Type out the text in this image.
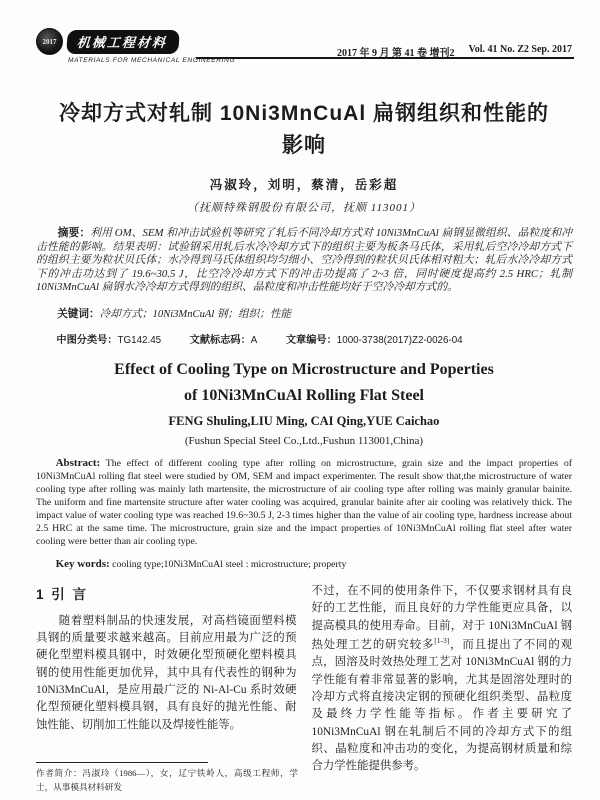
2017	机械工程材料
MATERIALS FOR MECHANICAL ENGINEERING
2017 年 9 月 第 41 卷 增刊2 Vol. 41 No. Z2 Sep. 2017
冷却方式对轧制 10Ni3MnCuAl 扁钢组织和性能的
影响
冯淑玲，刘明，蔡清，岳彩超
（抚顺特殊钢股份有限公司，抚顺 113001）

摘要：利用 OM、SEM 和冲击试验机等研究了轧后不同冷却方式对 10Ni3MnCuAl 扁钢显微组织、晶粒度和冲击性能的影响。结果表明：试验钢采用轧后水冷冷却方式下的组织主要为板条马氏体，采用轧后空冷冷却方式下的组织主要为粒状贝氏体；水冷得到马氏体组织均匀细小、空冷得到的粒状贝氏体相对粗大；轧后水冷冷却方式下的冲击功达到了 19.6~30.5 J，比空冷冷却方式下的冲击功提高了 2~3 倍，同时硬度提高约 2.5 HRC；轧制 10Ni3MnCuAl 扁钢水冷冷却方式得到的组织、晶粒度和冲击性能均好于空冷冷却方式的。

关键词：冷却方式；10Ni3MnCuAl 钢；组织；性能

中图分类号：TG142.45	文献标志码：A	文章编号：1000-3738(2017)Z2-0026-04
Effect of Cooling Type on Microstructure and Poperties
of 10Ni3MnCuAl Rolling Flat Steel
FENG Shuling,LIU Ming, CAI Qing,YUE Caichao
(Fushun Special Steel Co.,Ltd.,Fushun 113001,China)

Abstract: The effect of different cooling type after rolling on microstructure, grain size and the impact properties of 10Ni3MnCuAl rolling flat steel were studied by OM, SEM and impact experimenter. The result show that,the microstructure of water cooling type after rolling was mainly lath martensite, the microstructure of air cooling type after rolling was mainly granular bainite. The uniform and fine martensite structure after water cooling was acquired, granular bainite after air cooling was relatively thick. The impact value of water cooling type was reached 19.6~30.5 J, 2-3 times higher than the value of air cooling type, hardness increase about 2.5 HRC at the same time. The microstructure, grain size and the impact properties of 10Ni3MnCuAl rolling flat steel after water cooling were better than air cooling type.

Key words: cooling type;10Ni3MnCuAl steel : microstructure; property

1 引 言

随着塑料制品的快速发展，对高档镜面塑料模具钢的质量要求越来越高。目前应用最为广泛的预硬化型塑料模具钢中，时效硬化型预硬化塑料模具钢的使用性能更加优异，其中具有代表性的钢种为 10Ni3MnCuAl，是应用最广泛的 Ni-Al-Cu 系时效硬化型预硬化塑料模具钢，具有良好的抛光性能、耐蚀性能、切削加工性能以及焊接性能等。

不过，在不同的使用条件下，不仅要求钢材具有良好的工艺性能，而且良好的力学性能更应具备，以提高模具的使用寿命。目前，对于 10Ni3MnCuAl 钢热处理工艺的研究较多[1-3]，而且提出了不同的观点，固溶及时效热处理工艺对 10Ni3MnCuAl 钢的力学性能有着非常显著的影响，尤其是固溶处理时的冷却方式将直接决定钢的预硬化组织类型、晶粒度及最终力学性能等指标。作者主要研究了 10Ni3MnCuAl 钢在轧制后不同的冷却方式下的组织、晶粒度和冲击功的变化，为提高钢材质量和综合力学性能提供参考。

作者简介：冯淑玲（1986—），女，辽宁铁岭人，高级工程师，学士，从事模具材料研发
